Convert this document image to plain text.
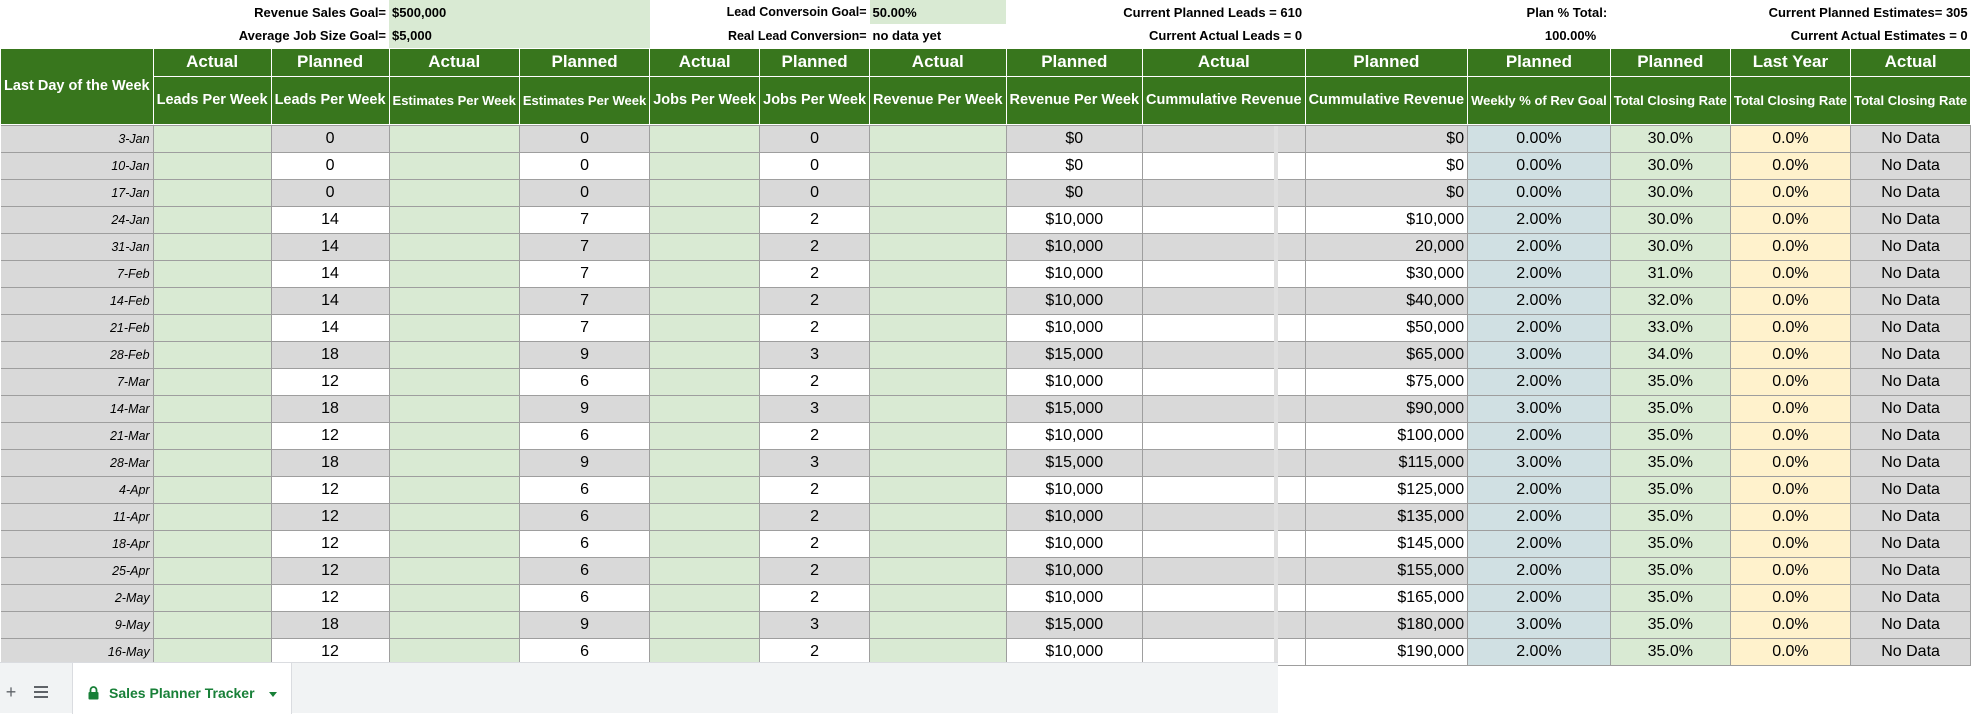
	Revenue Sales Goal=		$500,000		Lead Conversoin Goal=		50.00%	Current Planned Leads = 610		Plan % Total:		Current Planned Estimates= 305		
	Average Job Size Goal=		$5,000		Real Lead Conversion=		no data yet	Current Actual Leads = 0		100.00%		Current Actual Estimates = 0		
Last Day of the Week	Actual	Planned	Actual	Planned	Actual	Planned	Actual	Planned	Actual	Planned	Planned	Planned	Last Year	Actual
	Leads Per Week	Leads Per Week	Estimates Per Week	Estimates Per Week	Jobs Per Week	Jobs Per Week	Revenue Per Week	Revenue Per Week	Cummulative Revenue	Cummulative Revenue	Weekly % of Rev Goal	Total Closing Rate	Total Closing Rate	Total Closing Rate

3-Jan		0		0		0		$0		$0	0.00%	30.0%	0.0%	No Data
10-Jan		0		0		0		$0		$0	0.00%	30.0%	0.0%	No Data
17-Jan		0		0		0		$0		$0	0.00%	30.0%	0.0%	No Data
24-Jan		14		7		2		$10,000		$10,000	2.00%	30.0%	0.0%	No Data
31-Jan		14		7		2		$10,000		20,000	2.00%	30.0%	0.0%	No Data
7-Feb		14		7		2		$10,000		$30,000	2.00%	31.0%	0.0%	No Data
14-Feb		14		7		2		$10,000		$40,000	2.00%	32.0%	0.0%	No Data
21-Feb		14		7		2		$10,000		$50,000	2.00%	33.0%	0.0%	No Data
28-Feb		18		9		3		$15,000		$65,000	3.00%	34.0%	0.0%	No Data
7-Mar		12		6		2		$10,000		$75,000	2.00%	35.0%	0.0%	No Data
14-Mar		18		9		3		$15,000		$90,000	3.00%	35.0%	0.0%	No Data
21-Mar		12		6		2		$10,000		$100,000	2.00%	35.0%	0.0%	No Data
28-Mar		18		9		3		$15,000		$115,000	3.00%	35.0%	0.0%	No Data
4-Apr		12		6		2		$10,000		$125,000	2.00%	35.0%	0.0%	No Data
11-Apr		12		6		2		$10,000		$135,000	2.00%	35.0%	0.0%	No Data
18-Apr		12		6		2		$10,000		$145,000	2.00%	35.0%	0.0%	No Data
25-Apr		12		6		2		$10,000		$155,000	2.00%	35.0%	0.0%	No Data
2-May		12		6		2		$10,000		$165,000	2.00%	35.0%	0.0%	No Data
9-May		18		9		3		$15,000		$180,000	3.00%	35.0%	0.0%	No Data
16-May		12		6		2		$10,000		$190,000	2.00%	35.0%	0.0%	No Data
+	Sales Planner Tracker
